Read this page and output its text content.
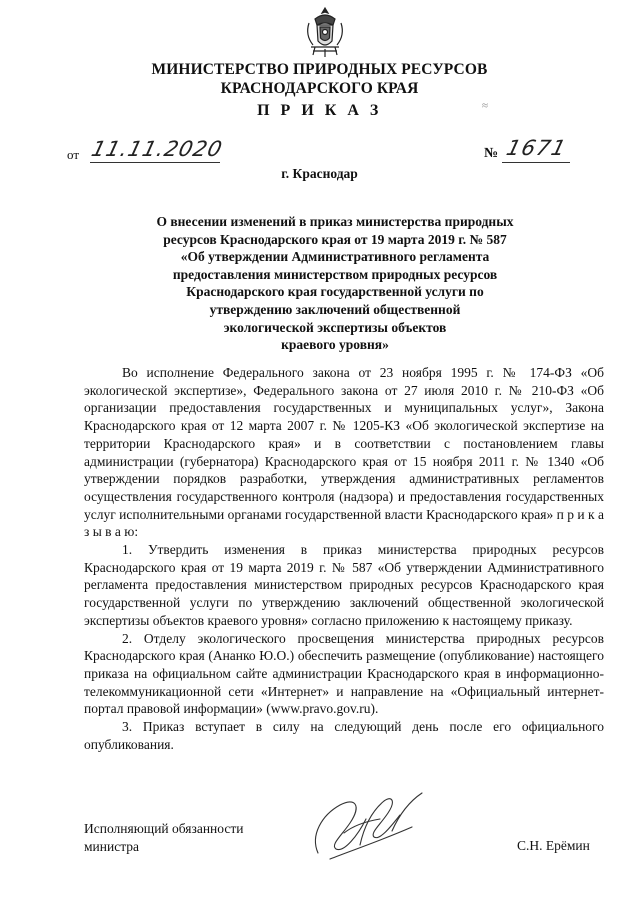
МИНИСТЕРСТВО ПРИРОДНЫХ РЕСУРСОВ
КРАСНОДАРСКОГО КРАЯ
П Р И К А З	≈
от 11.11.2020	№ 1671
г. Краснодар
О внесении изменений в приказ министерства природных
ресурсов Краснодарского края от 19 марта 2019 г. № 587
«Об утверждении Административного регламента
предоставления министерством природных ресурсов
Краснодарского края государственной услуги по
утверждению заключений общественной
экологической экспертизы объектов
краевого уровня»

Во исполнение Федерального закона от 23 ноября 1995 г. № 174-ФЗ «Об экологической экспертизе», Федерального закона от 27 июля 2010 г. № 210-ФЗ «Об организации предоставления государственных и муниципальных услуг», Закона Краснодарского края от 12 марта 2007 г. № 1205-КЗ «Об экологической экспертизе на территории Краснодарского края» и в соответствии с постановлением главы администрации (губернатора) Краснодарского края от 15 ноября 2011 г. № 1340 «Об утверждении порядков разработки, утверждения административных регламентов осуществления государственного контроля (надзора) и предоставления государственных услуг исполнительными органами государственной власти Краснодарского края» п р и к а з ы в а ю:

1. Утвердить изменения в приказ министерства природных ресурсов Краснодарского края от 19 марта 2019 г. № 587 «Об утверждении Административного регламента предоставления министерством природных ресурсов Краснодарского края государственной услуги по утверждению заключений общественной экологической экспертизы объектов краевого уровня» согласно приложению к настоящему приказу.

2. Отделу экологического просвещения министерства природных ресурсов Краснодарского края (Ананко Ю.О.) обеспечить размещение (опубликование) настоящего приказа на официальном сайте администрации Краснодарского края в информационно-телекоммуникационной сети «Интернет» и направление на «Официальный интернет-портал правовой информации» (www.pravo.gov.ru).

3. Приказ вступает в силу на следующий день после его официального опубликования.

Исполняющий обязанности
министра	С.Н. Ерёмин
